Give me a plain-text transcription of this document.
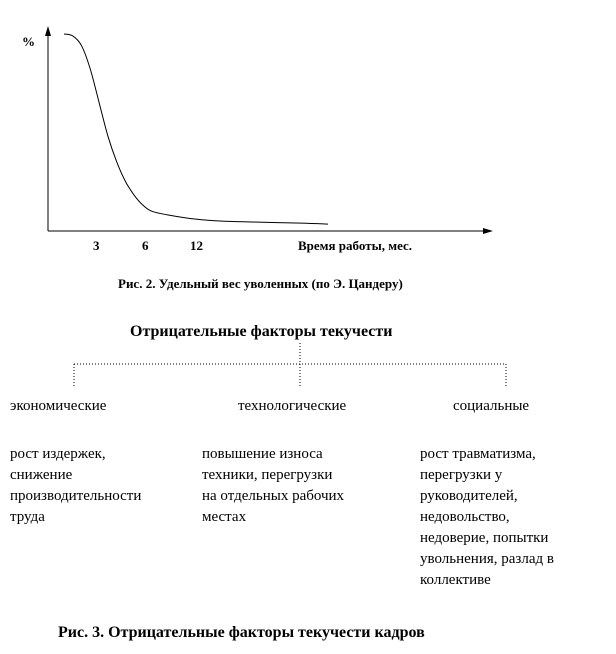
%
3	6	12	Время работы, мес.
Рис. 2. Удельный вес уволенных (по Э. Цандеру)
Отрицательные факторы текучести
экономические	технологические	социальные
рост издержек,
снижение
производительности
труда
повышение износа
техники, перегрузки
на отдельных рабочих
местах
рост травматизма,
перегрузки у
руководителей,
недовольство,
недоверие, попытки
увольнения, разлад в
коллективе
Рис. 3. Отрицательные факторы текучести кадров
